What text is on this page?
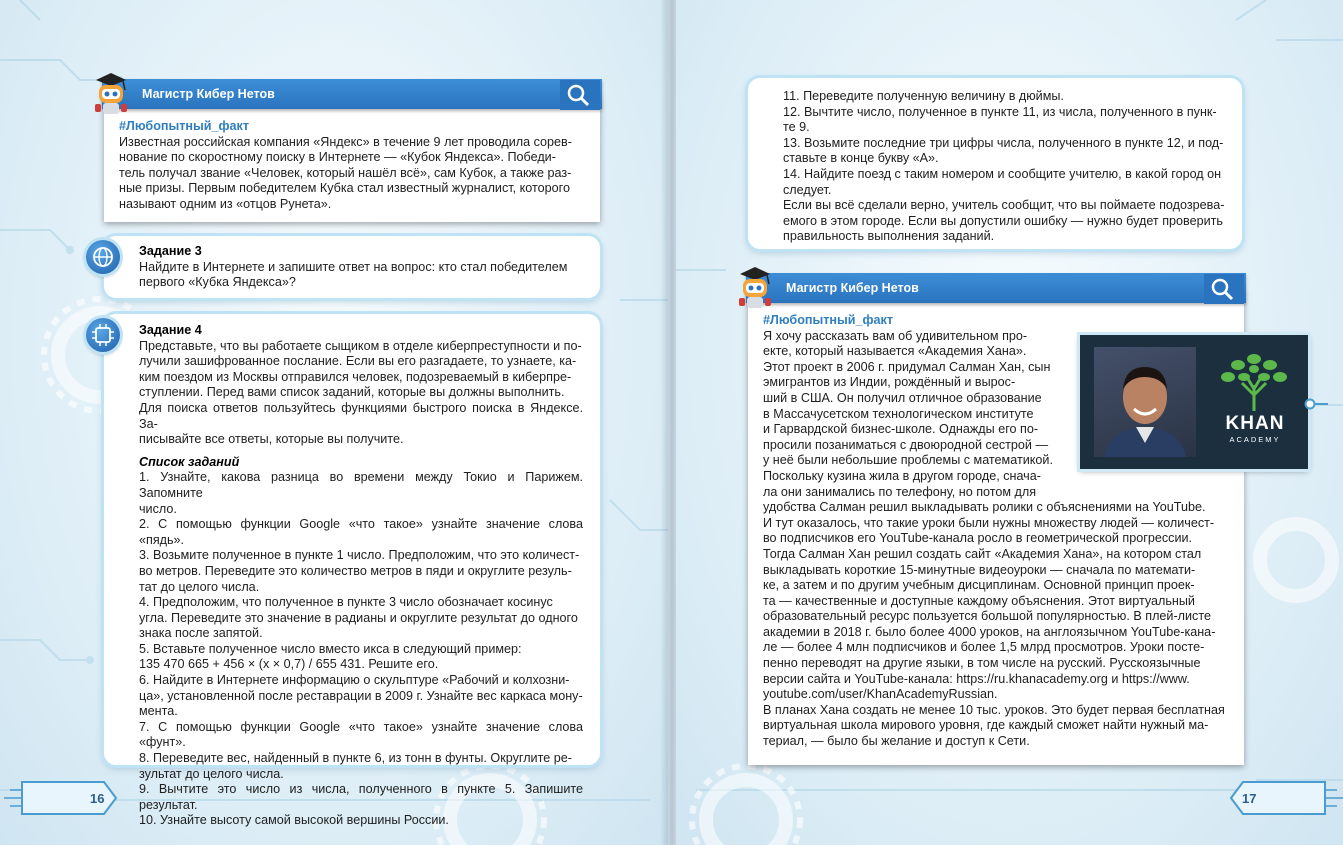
Магистр Кибер Нетов
#Любопытный_факт

Известная российская компания «Яндекс» в течение 9 лет проводила сорев-

нование по скоростному поиску в Интернете — «Кубок Яндекса». Победи-

тель получал звание «Человек, который нашёл всё», сам Кубок, а также раз-

ные призы. Первым победителем Кубка стал известный журналист, которого

называют одним из «отцов Рунета».

Задание 3

Найдите в Интернете и запишите ответ на вопрос: кто стал победителем

первого «Кубка Яндекса»?

Задание 4

Представьте, что вы работаете сыщиком в отделе киберпреступности и по-

лучили зашифрованное послание. Если вы его разгадаете, то узнаете, ка-

ким поездом из Москвы отправился человек, подозреваемый в киберпре-

ступлении. Перед вами список заданий, которые вы должны выполнить.

Для поиска ответов пользуйтесь функциями быстрого поиска в Яндексе. За-

писывайте все ответы, которые вы получите.

Список заданий

1. Узнайте, какова разница во времени между Токио и Парижем. Запомните

число.

2. С помощью функции Google «что такое» узнайте значение слова «пядь».

3. Возьмите полученное в пункте 1 число. Предположим, что это количест-

во метров. Переведите это количество метров в пяди и округлите резуль-

тат до целого числа.

4. Предположим, что полученное в пункте 3 число обозначает косинус

угла. Переведите это значение в радианы и округлите результат до одного

знака после запятой.

5. Вставьте полученное число вместо икса в следующий пример:

135 470 665 + 456 × (x × 0,7) / 655 431. Решите его.

6. Найдите в Интернете информацию о скульптуре «Рабочий и колхозни-

ца», установленной после реставрации в 2009 г. Узнайте вес каркаса мону-

мента.

7. С помощью функции Google «что такое» узнайте значение слова «фунт».

8. Переведите вес, найденный в пункте 6, из тонн в фунты. Округлите ре-

зультат до целого числа.

9. Вычтите это число из числа, полученного в пункте 5. Запишите результат.

10. Узнайте высоту самой высокой вершины России.

16

11. Переведите полученную величину в дюймы.

12. Вычтите число, полученное в пункте 11, из числа, полученного в пунк-

те 9.

13. Возьмите последние три цифры числа, полученного в пункте 12, и под-

ставьте в конце букву «А».

14. Найдите поезд с таким номером и сообщите учителю, в какой город он

следует.

Если вы всё сделали верно, учитель сообщит, что вы поймаете подозрева-

емого в этом городе. Если вы допустили ошибку — нужно будет проверить

правильность выполнения заданий.

Магистр Кибер Нетов
KHAN
ACADEMY
#Любопытный_факт

Я хочу рассказать вам об удивительном про-

екте, который называется «Академия Хана».

Этот проект в 2006 г. придумал Салман Хан, сын

эмигрантов из Индии, рождённый и вырос-

ший в США. Он получил отличное образование

в Массачусетском технологическом институте

и Гарвардской бизнес-школе. Однажды его по-

просили позаниматься с двоюродной сестрой —

у неё были небольшие проблемы с математикой.

Поскольку кузина жила в другом городе, снача-

ла они занимались по телефону, но потом для

удобства Салман решил выкладывать ролики с объяснениями на YouTube.

И тут оказалось, что такие уроки были нужны множеству людей — количест-

во подписчиков его YouTube-канала росло в геометрической прогрессии.

Тогда Салман Хан решил создать сайт «Академия Хана», на котором стал

выкладывать короткие 15-минутные видеоуроки — сначала по математи-

ке, а затем и по другим учебным дисциплинам. Основной принцип проек-

та — качественные и доступные каждому объяснения. Этот виртуальный

образовательный ресурс пользуется большой популярностью. В плей-листе

академии в 2018 г. было более 4000 уроков, на англоязычном YouTube-кана-

ле — более 4 млн подписчиков и более 1,5 млрд просмотров. Уроки посте-

пенно переводят на другие языки, в том числе на русский. Русскоязычные

версии сайта и YouTube-канала: https://ru.khanacademy.org и https://www.

youtube.com/user/KhanAcademyRussian.

В планах Хана создать не менее 10 тыс. уроков. Это будет первая бесплатная

виртуальная школа мирового уровня, где каждый сможет найти нужный ма-

териал, — было бы желание и доступ к Сети.

17
